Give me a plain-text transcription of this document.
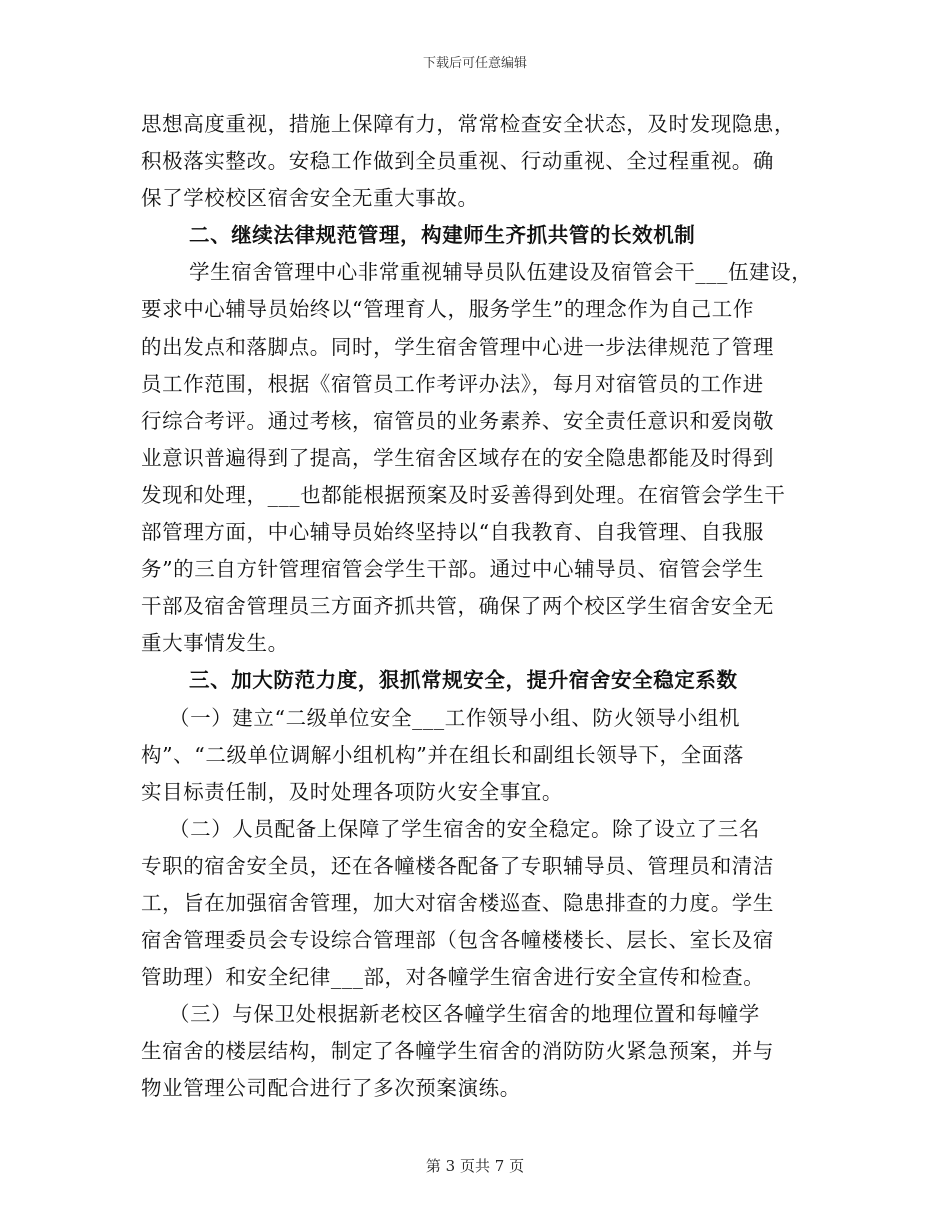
下载后可任意编辑
思想高度重视，措施上保障有力，常常检查安全状态，及时发现隐患，
积极落实整改。安稳工作做到全员重视、行动重视、全过程重视。确
保了学校校区宿舍安全无重大事故。
二、继续法律规范管理，构建师生齐抓共管的长效机制
学生宿舍管理中心非常重视辅导员队伍建设及宿管会干___伍建设，
要求中心辅导员始终以“管理育人，服务学生”的理念作为自己工作
的出发点和落脚点。同时，学生宿舍管理中心进一步法律规范了管理
员工作范围，根据《宿管员工作考评办法》，每月对宿管员的工作进
行综合考评。通过考核，宿管员的业务素养、安全责任意识和爱岗敬
业意识普遍得到了提高，学生宿舍区域存在的安全隐患都能及时得到
发现和处理，___也都能根据预案及时妥善得到处理。在宿管会学生干
部管理方面，中心辅导员始终坚持以“自我教育、自我管理、自我服
务”的三自方针管理宿管会学生干部。通过中心辅导员、宿管会学生
干部及宿舍管理员三方面齐抓共管，确保了两个校区学生宿舍安全无
重大事情发生。
三、加大防范力度，狠抓常规安全，提升宿舍安全稳定系数
（一）建立“二级单位安全___工作领导小组、防火领导小组机
构”、“二级单位调解小组机构”并在组长和副组长领导下，全面落
实目标责任制，及时处理各项防火安全事宜。
（二）人员配备上保障了学生宿舍的安全稳定。除了设立了三名
专职的宿舍安全员，还在各幢楼各配备了专职辅导员、管理员和清洁
工，旨在加强宿舍管理，加大对宿舍楼巡查、隐患排查的力度。学生
宿舍管理委员会专设综合管理部（包含各幢楼楼长、层长、室长及宿
管助理）和安全纪律___部，对各幢学生宿舍进行安全宣传和检查。
（三）与保卫处根据新老校区各幢学生宿舍的地理位置和每幢学
生宿舍的楼层结构，制定了各幢学生宿舍的消防防火紧急预案，并与
物业管理公司配合进行了多次预案演练。
第 3 页共 7 页
